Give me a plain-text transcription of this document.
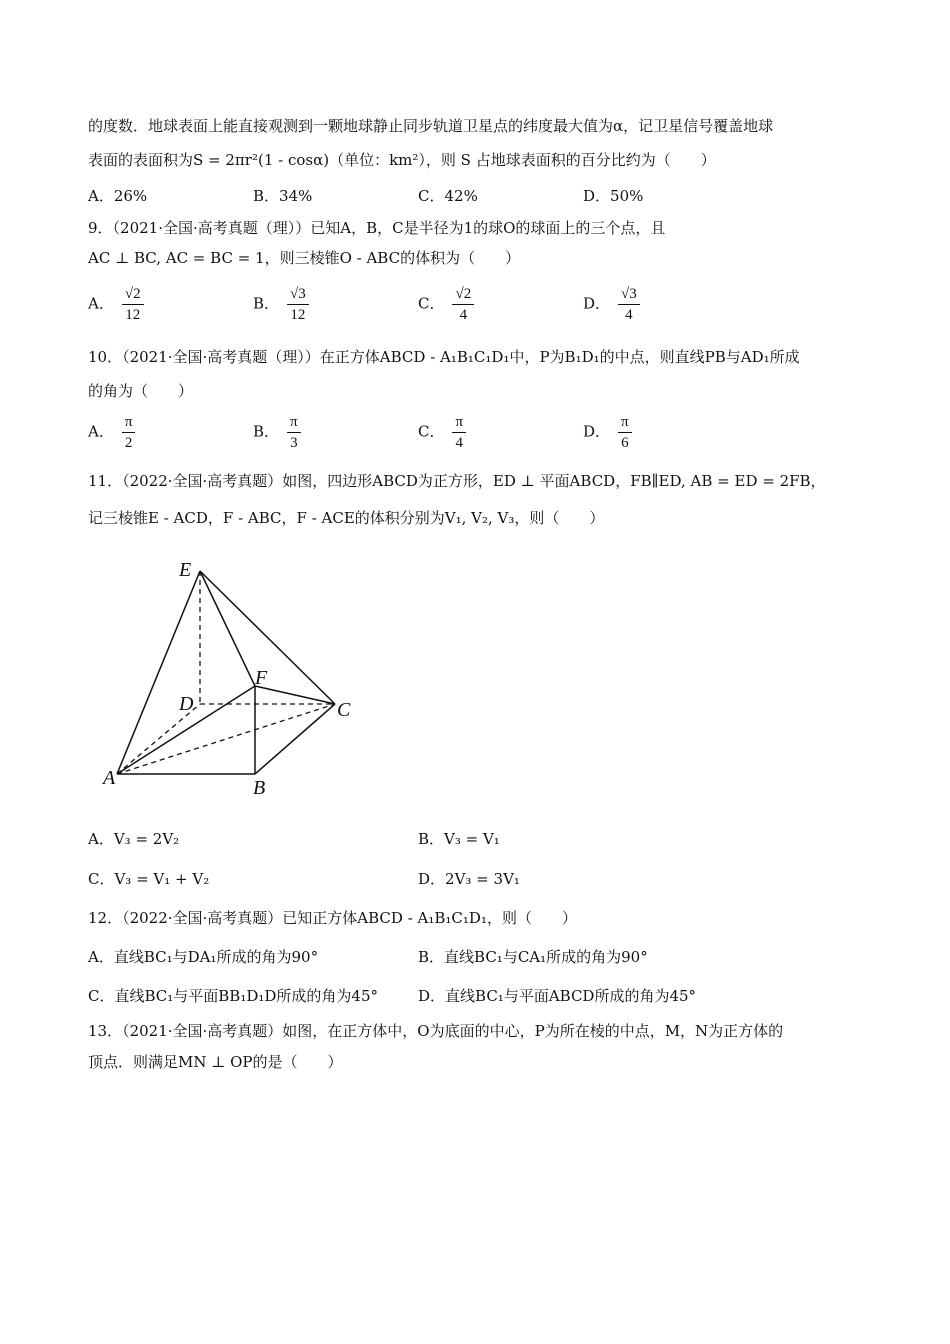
的度数．地球表面上能直接观测到一颗地球静止同步轨道卫星点的纬度最大值为α，记卫星信号覆盖地球
表面的表面积为S = 2πr²(1 - cosα)（单位：km²），则 S 占地球表面积的百分比约为（　　）
A．26%	B．34%	C．42%	D．50%
9．（2021·全国·高考真题（理））已知A，B，C是半径为1的球O的球面上的三个点，且
AC ⊥ BC, AC = BC = 1，则三棱锥O - ABC的体积为（　　）
A． $\frac{√2}{12}$	B． $\frac{√3}{12}$	C． $\frac{√2}{4}$	D． $\frac{√3}{4}$
10．（2021·全国·高考真题（理））在正方体ABCD - A₁B₁C₁D₁中，P为B₁D₁的中点，则直线PB与AD₁所成
的角为（　　）
A． $\frac{\pi}{2}$	B． $\frac{\pi}{3}$	C． $\frac{\pi}{4}$	D． $\frac{\pi}{6}$
11．（2022·全国·高考真题）如图，四边形ABCD为正方形，ED ⊥ 平面ABCD，FB∥ED, AB = ED = 2FB，
记三棱锥E - ACD，F - ABC，F - ACE的体积分别为V₁, V₂, V₃，则（　　）
E
F
D	C
A	B
A．V₃ = 2V₂	B．V₃ = V₁
C．V₃ = V₁ + V₂	D．2V₃ = 3V₁
12．（2022·全国·高考真题）已知正方体ABCD - A₁B₁C₁D₁，则（　　）
A．直线BC₁与DA₁所成的角为90°	B．直线BC₁与CA₁所成的角为90°
C．直线BC₁与平面BB₁D₁D所成的角为45°	D．直线BC₁与平面ABCD所成的角为45°
13．（2021·全国·高考真题）如图，在正方体中，O为底面的中心，P为所在棱的中点，M，N为正方体的
顶点．则满足MN ⊥ OP的是（　　）
